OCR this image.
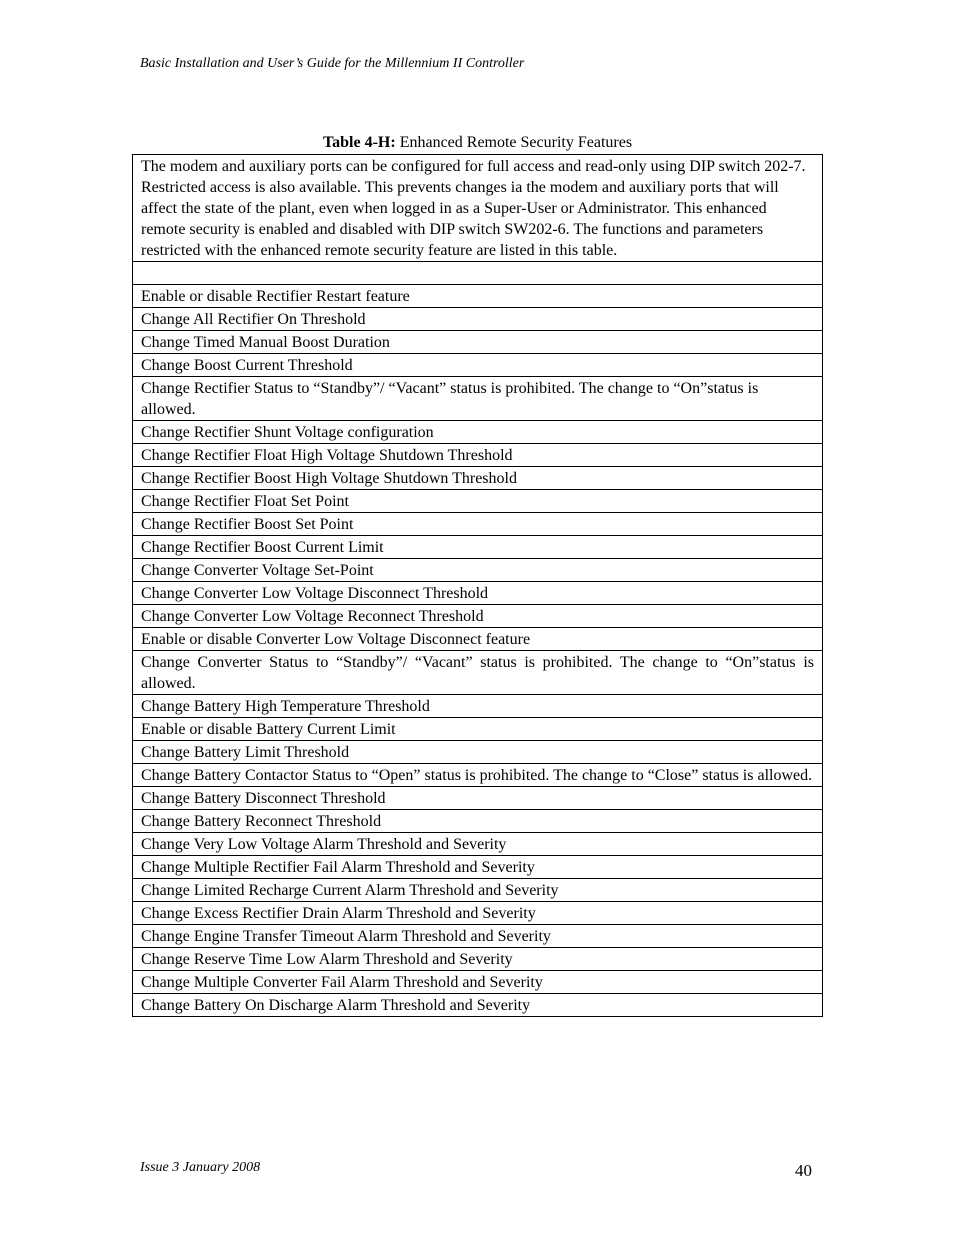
Basic Installation and User’s Guide for the Millennium II Controller
Table 4-H: Enhanced Remote Security Features
The modem and auxiliary ports can be configured for full access and read-only using DIP switch 202-7. Restricted access is also available. This prevents changes ia the modem and auxiliary ports that will affect the state of the plant, even when logged in as a Super-User or Administrator. This enhanced remote security is enabled and disabled with DIP switch SW202-6. The functions and parameters restricted with the enhanced remote security feature are listed in this table.

Enable or disable Rectifier Restart feature
Change All Rectifier On Threshold
Change Timed Manual Boost Duration
Change Boost Current Threshold
Change Rectifier Status to “Standby”/ “Vacant” status is prohibited. The change to “On”status is allowed.
Change Rectifier Shunt Voltage configuration
Change Rectifier Float High Voltage Shutdown Threshold
Change Rectifier Boost High Voltage Shutdown Threshold
Change Rectifier Float Set Point
Change Rectifier Boost Set Point
Change Rectifier Boost Current Limit
Change Converter Voltage Set-Point
Change Converter Low Voltage Disconnect Threshold
Change Converter Low Voltage Reconnect Threshold
Enable or disable Converter Low Voltage Disconnect feature
Change Converter Status to “Standby”/ “Vacant” status is prohibited. The change to “On”status is allowed.
Change Battery High Temperature Threshold
Enable or disable Battery Current Limit
Change Battery Limit Threshold
Change Battery Contactor Status to “Open” status is prohibited. The change to “Close” status is allowed.
Change Battery Disconnect Threshold
Change Battery Reconnect Threshold
Change Very Low Voltage Alarm Threshold and Severity
Change Multiple Rectifier Fail Alarm Threshold and Severity
Change Limited Recharge Current Alarm Threshold and Severity
Change Excess Rectifier Drain Alarm Threshold and Severity
Change Engine Transfer Timeout Alarm Threshold and Severity
Change Reserve Time Low Alarm Threshold and Severity
Change Multiple Converter Fail Alarm Threshold and Severity
Change Battery On Discharge Alarm Threshold and Severity
Issue 3 January 2008	40
